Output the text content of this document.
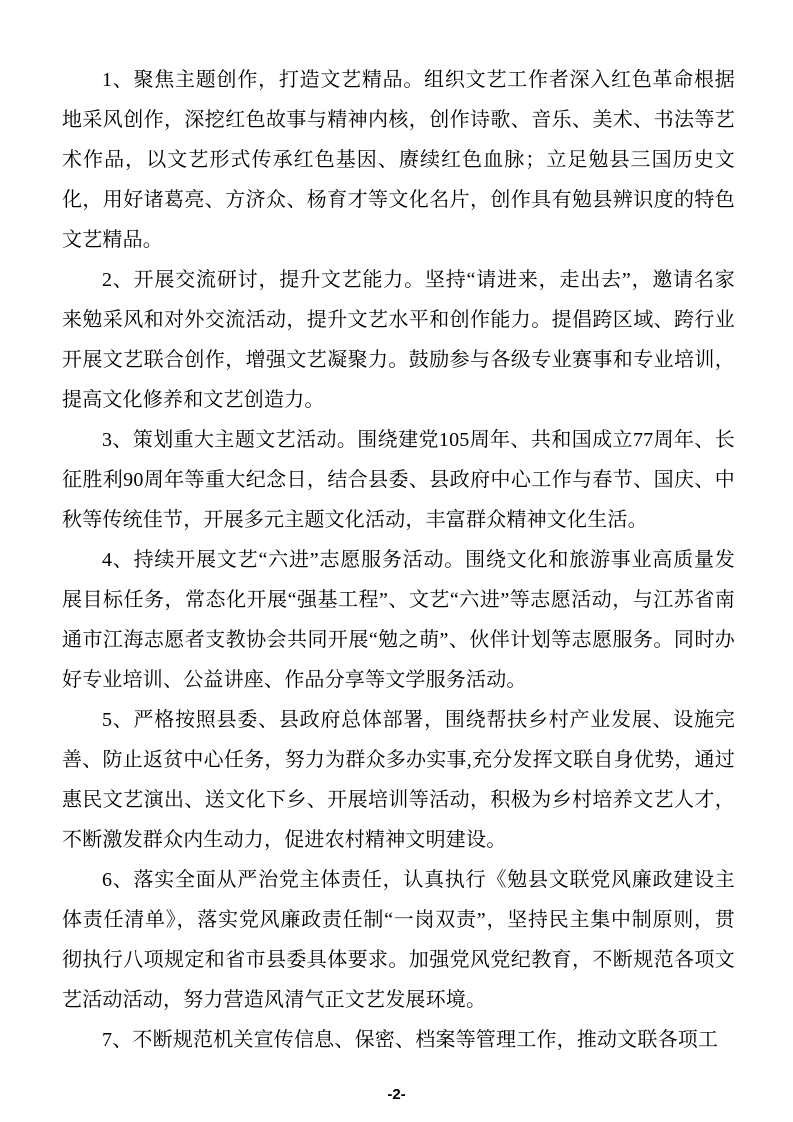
1、聚焦主题创作，打造文艺精品。组织文艺工作者深入红色革命根据地采风创作，深挖红色故事与精神内核，创作诗歌、音乐、美术、书法等艺术作品，以文艺形式传承红色基因、赓续红色血脉；立足勉县三国历史文化，用好诸葛亮、方济众、杨育才等文化名片，创作具有勉县辨识度的特色文艺精品。

2、开展交流研讨，提升文艺能力。坚持“请进来，走出去”，邀请名家来勉采风和对外交流活动，提升文艺水平和创作能力。提倡跨区域、跨行业开展文艺联合创作，增强文艺凝聚力。鼓励参与各级专业赛事和专业培训，提高文化修养和文艺创造力。

3、策划重大主题文艺活动。围绕建党105周年、共和国成立77周年、长征胜利90周年等重大纪念日，结合县委、县政府中心工作与春节、国庆、中秋等传统佳节，开展多元主题文化活动，丰富群众精神文化生活。

4、持续开展文艺“六进”志愿服务活动。围绕文化和旅游事业高质量发展目标任务，常态化开展“强基工程”、文艺“六进”等志愿活动，与江苏省南通市江海志愿者支教协会共同开展“勉之萌”、伙伴计划等志愿服务。同时办好专业培训、公益讲座、作品分享等文学服务活动。

5、严格按照县委、县政府总体部署，围绕帮扶乡村产业发展、设施完善、防止返贫中心任务，努力为群众多办实事,充分发挥文联自身优势，通过惠民文艺演出、送文化下乡、开展培训等活动，积极为乡村培养文艺人才，不断激发群众内生动力，促进农村精神文明建设。

6、落实全面从严治党主体责任，认真执行《勉县文联党风廉政建设主体责任清单》，落实党风廉政责任制“一岗双责”，坚持民主集中制原则，贯彻执行八项规定和省市县委具体要求。加强党风党纪教育，不断规范各项文艺活动活动，努力营造风清气正文艺发展环境。

7、不断规范机关宣传信息、保密、档案等管理工作，推动文联各项工

-2-
